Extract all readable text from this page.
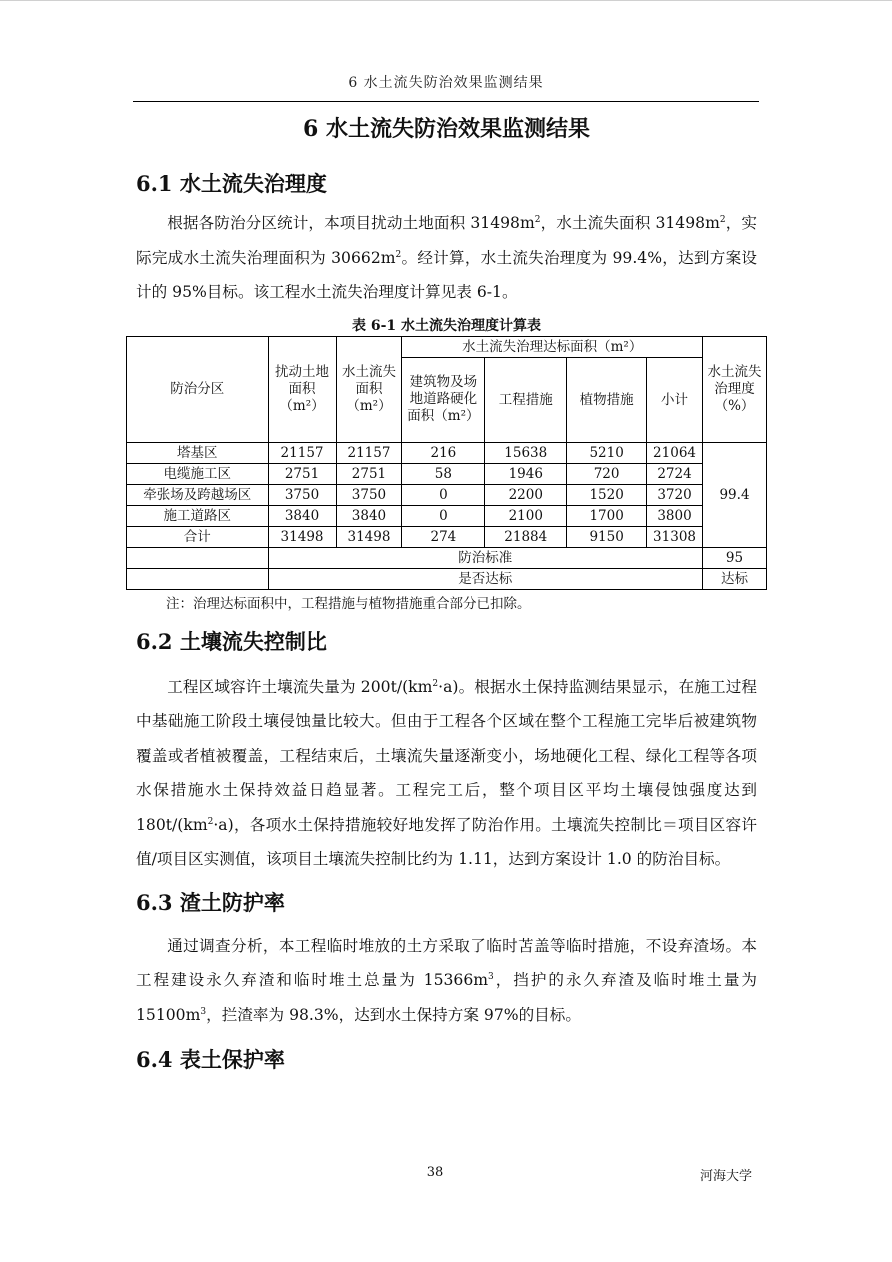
6 水土流失防治效果监测结果
6 水土流失防治效果监测结果
6.1 水土流失治理度

根据各防治分区统计，本项目扰动土地面积 $31498m^2$，水土流失面积 $31498m^2$，实际完成水土流失治理面积为 $30662m^2$。经计算，水土流失治理度为 99.4%，达到方案设计的 95%目标。该工程水土流失治理度计算见表 6-1。

表 6-1 水土流失治理度计算表
防治分区	扰动土地面积（m²）	水土流失面积（m²）	水土流失治理达标面积（m²）				水土流失治理度（%）
			建筑物及场地道路硬化面积（m²）	工程措施	植物措施	小计	
塔基区	21157	21157	216	15638	5210	21064	99.4
电缆施工区	2751	2751	58	1946	720	2724	
牵张场及跨越场区	3750	3750	0	2200	1520	3720	
施工道路区	3840	3840	0	2100	1700	3800	
合计	31498	31498	274	21884	9150	31308	
	防治标准						95
	是否达标						达标
注：治理达标面积中，工程措施与植物措施重合部分已扣除。
6.2 土壤流失控制比

工程区域容许土壤流失量为 $200t/(km^2\cdot a)$。根据水土保持监测结果显示，在施工过程中基础施工阶段土壤侵蚀量比较大。但由于工程各个区域在整个工程施工完毕后被建筑物覆盖或者植被覆盖，工程结束后，土壤流失量逐渐变小，场地硬化工程、绿化工程等各项水保措施水土保持效益日趋显著。工程完工后，整个项目区平均土壤侵蚀强度达到 $180t/(km^2\cdot a)$，各项水土保持措施较好地发挥了防治作用。土壤流失控制比＝项目区容许值/项目区实测值，该项目土壤流失控制比约为 1.11，达到方案设计 1.0 的防治目标。

6.3 渣土防护率

通过调查分析，本工程临时堆放的土方采取了临时苫盖等临时措施，不设弃渣场。本工程建设永久弃渣和临时堆土总量为 $15366m^3$，挡护的永久弃渣及临时堆土量为 $15100m^3$，拦渣率为 98.3%，达到水土保持方案 97%的目标。

6.4 表土保护率
38	河海大学
